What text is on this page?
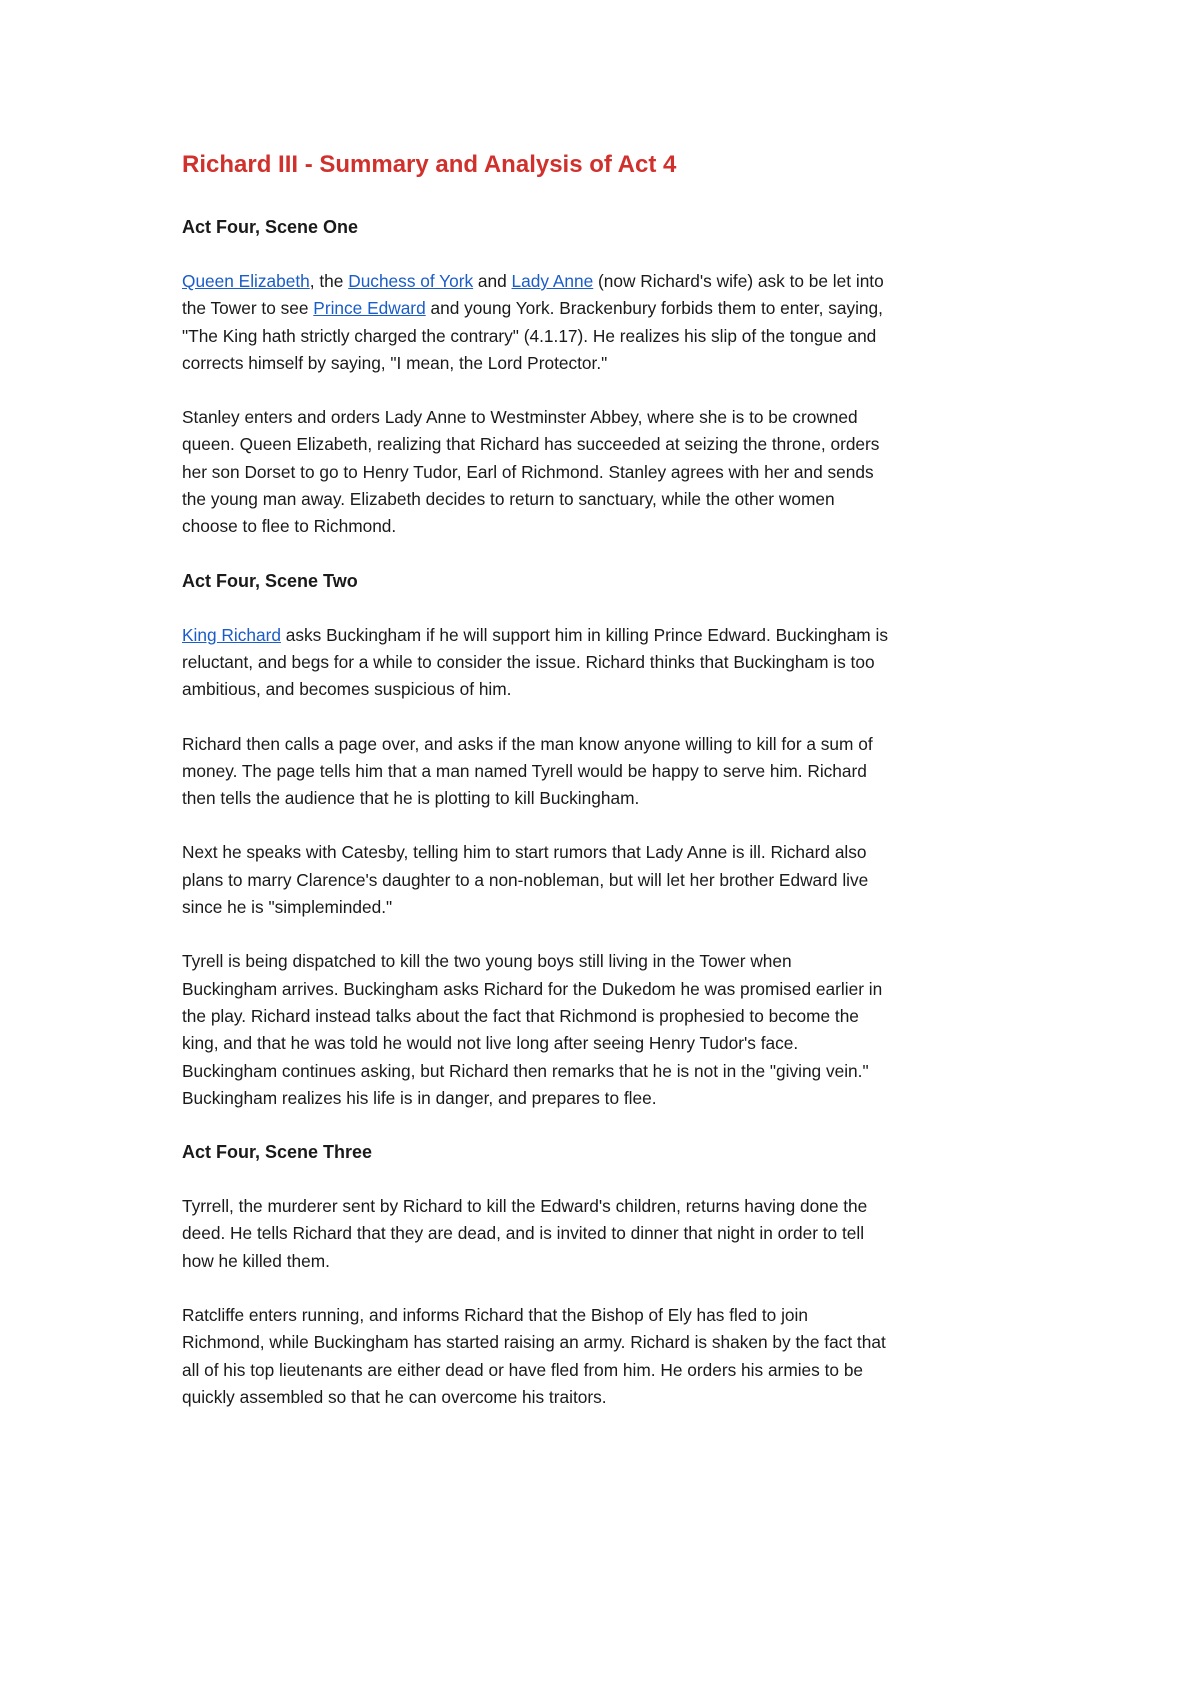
Richard III - Summary and Analysis of Act 4
Act Four, Scene One

Queen Elizabeth, the Duchess of York and Lady Anne (now Richard's wife) ask to be let into
the Tower to see Prince Edward and young York. Brackenbury forbids them to enter, saying,
"The King hath strictly charged the contrary" (4.1.17). He realizes his slip of the tongue and
corrects himself by saying, "I mean, the Lord Protector."

Stanley enters and orders Lady Anne to Westminster Abbey, where she is to be crowned
queen. Queen Elizabeth, realizing that Richard has succeeded at seizing the throne, orders
her son Dorset to go to Henry Tudor, Earl of Richmond. Stanley agrees with her and sends
the young man away. Elizabeth decides to return to sanctuary, while the other women
choose to flee to Richmond.

Act Four, Scene Two

King Richard asks Buckingham if he will support him in killing Prince Edward. Buckingham is
reluctant, and begs for a while to consider the issue. Richard thinks that Buckingham is too
ambitious, and becomes suspicious of him.

Richard then calls a page over, and asks if the man know anyone willing to kill for a sum of
money. The page tells him that a man named Tyrell would be happy to serve him. Richard
then tells the audience that he is plotting to kill Buckingham.

Next he speaks with Catesby, telling him to start rumors that Lady Anne is ill. Richard also
plans to marry Clarence's daughter to a non-nobleman, but will let her brother Edward live
since he is "simpleminded."

Tyrell is being dispatched to kill the two young boys still living in the Tower when
Buckingham arrives. Buckingham asks Richard for the Dukedom he was promised earlier in
the play. Richard instead talks about the fact that Richmond is prophesied to become the
king, and that he was told he would not live long after seeing Henry Tudor's face.
Buckingham continues asking, but Richard then remarks that he is not in the "giving vein."
Buckingham realizes his life is in danger, and prepares to flee.

Act Four, Scene Three

Tyrrell, the murderer sent by Richard to kill the Edward's children, returns having done the
deed. He tells Richard that they are dead, and is invited to dinner that night in order to tell
how he killed them.

Ratcliffe enters running, and informs Richard that the Bishop of Ely has fled to join
Richmond, while Buckingham has started raising an army. Richard is shaken by the fact that
all of his top lieutenants are either dead or have fled from him. He orders his armies to be
quickly assembled so that he can overcome his traitors.
